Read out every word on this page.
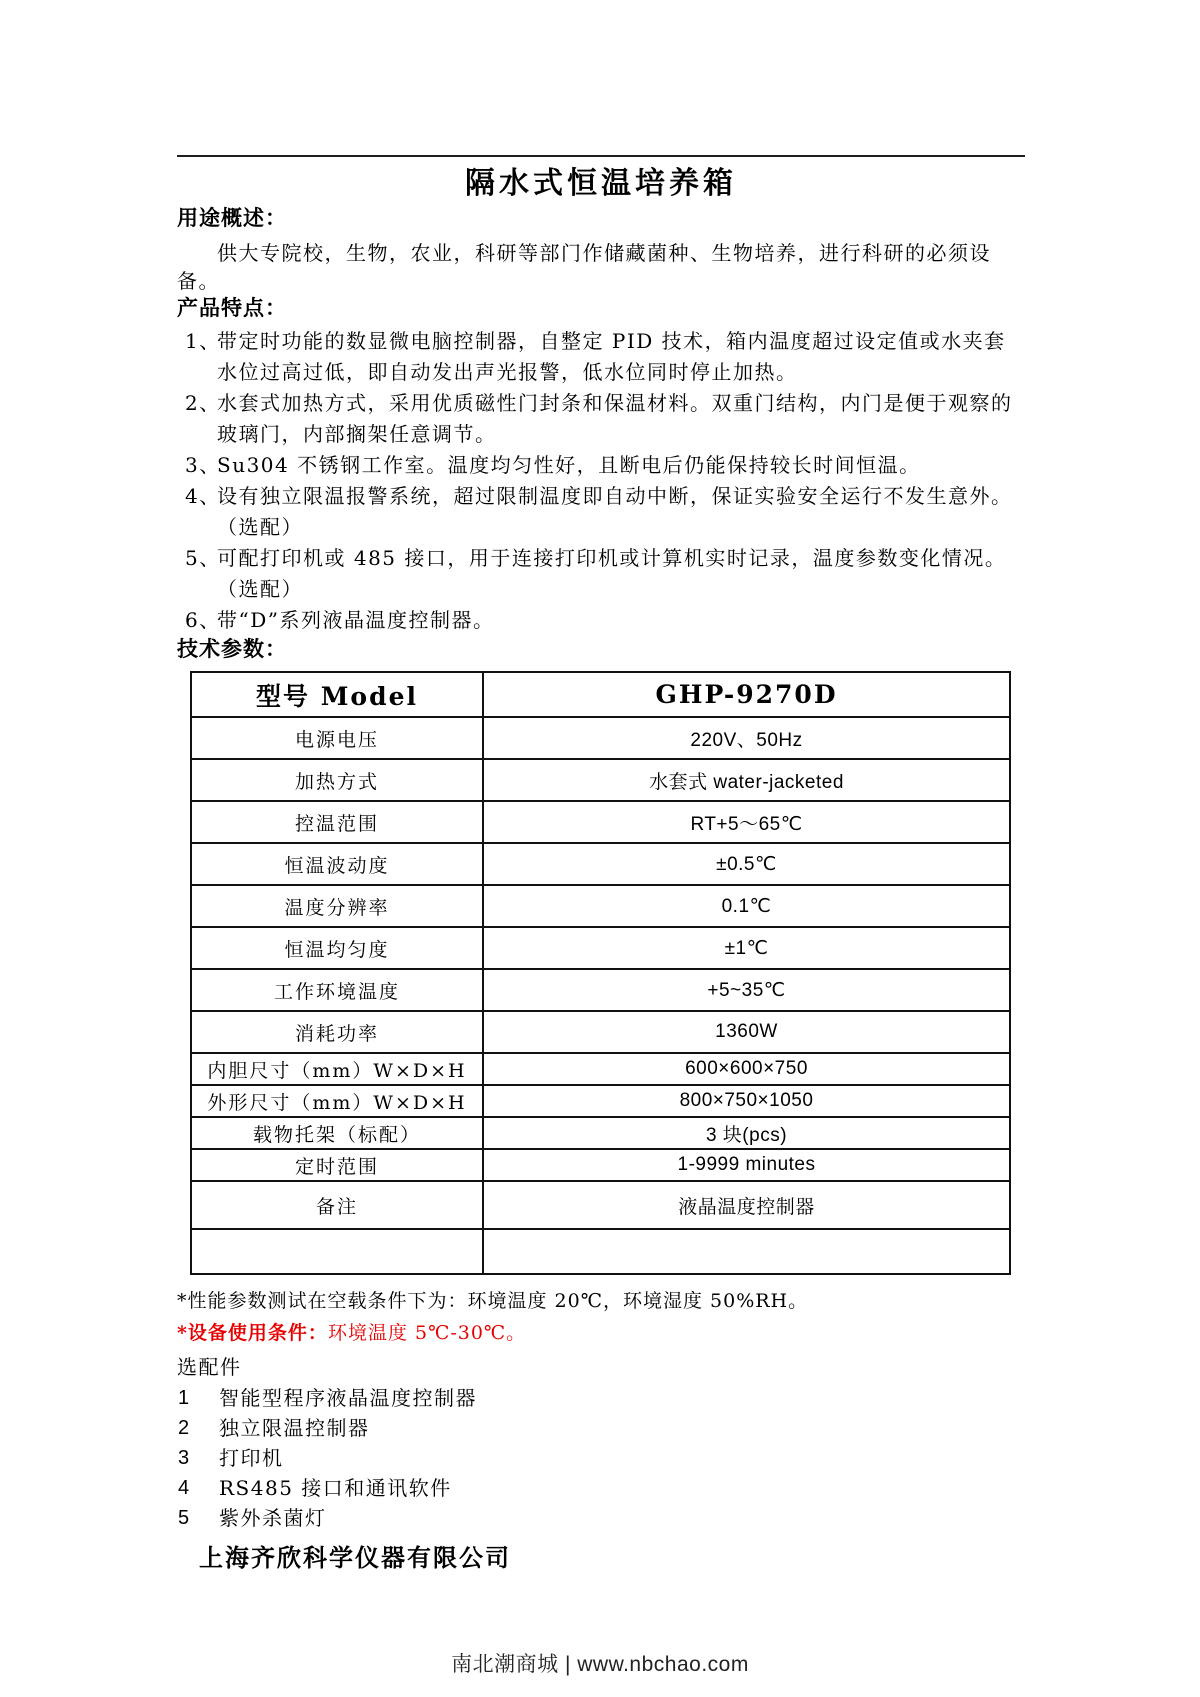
隔水式恒温培养箱
用途概述：

供大专院校，生物，农业，科研等部门作储藏菌种、生物培养，进行科研的必须设备。

产品特点：
1、
带定时功能的数显微电脑控制器，自整定 PID 技术，箱内温度超过设定值或水夹套水位过高过低，即自动发出声光报警，低水位同时停止加热。
2、
水套式加热方式，采用优质磁性门封条和保温材料。双重门结构，内门是便于观察的玻璃门，内部搁架任意调节。
3、
Su304 不锈钢工作室。温度均匀性好，且断电后仍能保持较长时间恒温。
4、
设有独立限温报警系统，超过限制温度即自动中断，保证实验安全运行不发生意外。（选配）
5、
可配打印机或 485 接口，用于连接打印机或计算机实时记录，温度参数变化情况。（选配）
6、
带“D”系列液晶温度控制器。
技术参数：
型号 Model	GHP-9270D
电源电压	220V、50Hz
加热方式	水套式 water-jacketed
控温范围	RT+5～65℃
恒温波动度	±0.5℃
温度分辨率	0.1℃
恒温均匀度	±1℃
工作环境温度	+5~35℃
消耗功率	1360W
内胆尺寸（mm）W×D×H	600×600×750
外形尺寸（mm）W×D×H	800×750×1050
载物托架（标配）	3 块(pcs)
定时范围	1-9999 minutes
备注	液晶温度控制器

*性能参数测试在空载条件下为：环境温度 20℃，环境湿度 50%RH。

*设备使用条件：环境温度 5℃-30℃。

选配件

1 智能型程序液晶温度控制器
2 独立限温控制器
3 打印机
4 RS485 接口和通讯软件
5 紫外杀菌灯

上海齐欣科学仪器有限公司

南北潮商城 | www.nbchao.com
